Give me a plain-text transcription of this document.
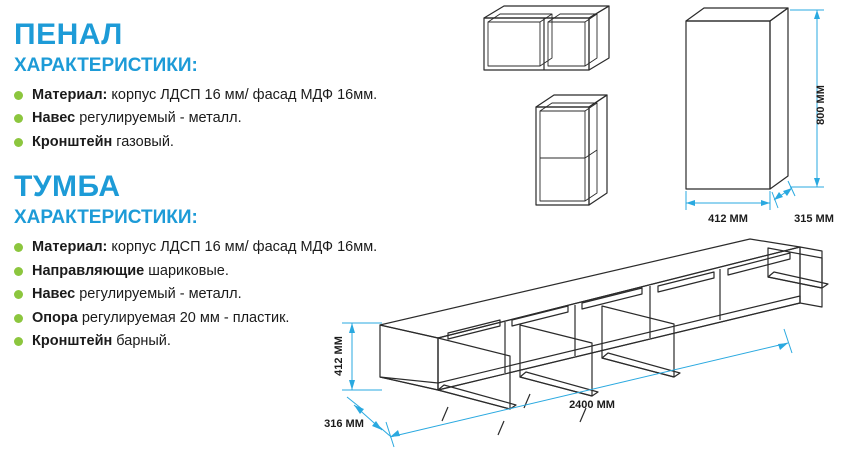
ПЕНАЛ
ХАРАКТЕРИСТИКИ:
Материал: корпус ЛДСП 16 мм/ фасад МДФ 16мм.
Навес регулируемый - металл.
Кронштейн газовый.
ТУМБА
ХАРАКТЕРИСТИКИ:
Материал: корпус ЛДСП 16 мм/ фасад МДФ 16мм.
Направляющие шариковые.
Навес регулируемый - металл.
Опора регулируемая 20 мм - пластик.
Кронштейн барный.
800 ММ
412 ММ	315 ММ
412 ММ
316 ММ
2400 ММ
